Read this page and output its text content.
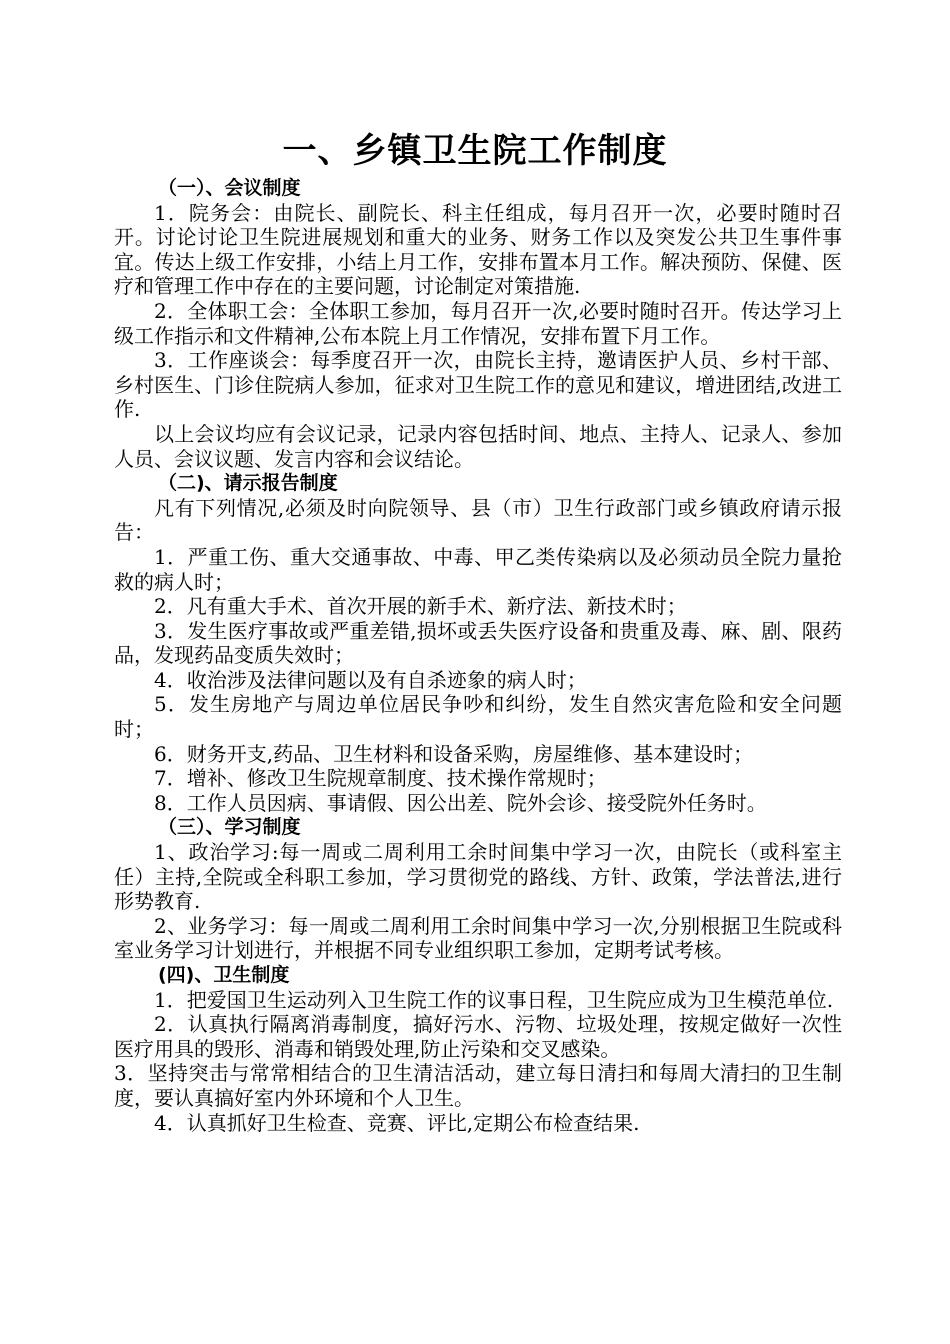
一、乡镇卫生院工作制度

（一）、会议制度

1．院务会：由院长、副院长、科主任组成，每月召开一次，必要时随时召开。讨论讨论卫生院进展规划和重大的业务、财务工作以及突发公共卫生事件事宜。传达上级工作安排，小结上月工作，安排布置本月工作。解决预防、保健、医疗和管理工作中存在的主要问题，讨论制定对策措施.

2．全体职工会：全体职工参加，每月召开一次,必要时随时召开。传达学习上级工作指示和文件精神,公布本院上月工作情况，安排布置下月工作。

3．工作座谈会：每季度召开一次，由院长主持，邀请医护人员、乡村干部、乡村医生、门诊住院病人参加，征求对卫生院工作的意见和建议，增进团结,改进工作.

以上会议均应有会议记录，记录内容包括时间、地点、主持人、记录人、参加人员、会议议题、发言内容和会议结论。

（二)、请示报告制度

凡有下列情况,必须及时向院领导、县（市）卫生行政部门或乡镇政府请示报告：

1．严重工伤、重大交通事故、中毒、甲乙类传染病以及必须动员全院力量抢救的病人时；

2．凡有重大手术、首次开展的新手术、新疗法、新技术时；

3．发生医疗事故或严重差错,损坏或丢失医疗设备和贵重及毒、麻、剧、限药品，发现药品变质失效时；

4．收治涉及法律问题以及有自杀迹象的病人时；

5．发生房地产与周边单位居民争吵和纠纷，发生自然灾害危险和安全问题时；

6．财务开支,药品、卫生材料和设备采购，房屋维修、基本建设时；

7．增补、修改卫生院规章制度、技术操作常规时；

8．工作人员因病、事请假、因公出差、院外会诊、接受院外任务时。

（三）、学习制度

1、政治学习:每一周或二周利用工余时间集中学习一次，由院长（或科室主任）主持,全院或全科职工参加，学习贯彻党的路线、方针、政策，学法普法,进行形势教育.

2、业务学习：每一周或二周利用工余时间集中学习一次,分别根据卫生院或科室业务学习计划进行，并根据不同专业组织职工参加，定期考试考核。

(四)、卫生制度

1．把爱国卫生运动列入卫生院工作的议事日程，卫生院应成为卫生模范单位.

2．认真执行隔离消毒制度，搞好污水、污物、垃圾处理，按规定做好一次性医疗用具的毁形、消毒和销毁处理,防止污染和交叉感染。

3．坚持突击与常常相结合的卫生清洁活动，建立每日清扫和每周大清扫的卫生制度，要认真搞好室内外环境和个人卫生。

4．认真抓好卫生检查、竞赛、评比,定期公布检查结果.
